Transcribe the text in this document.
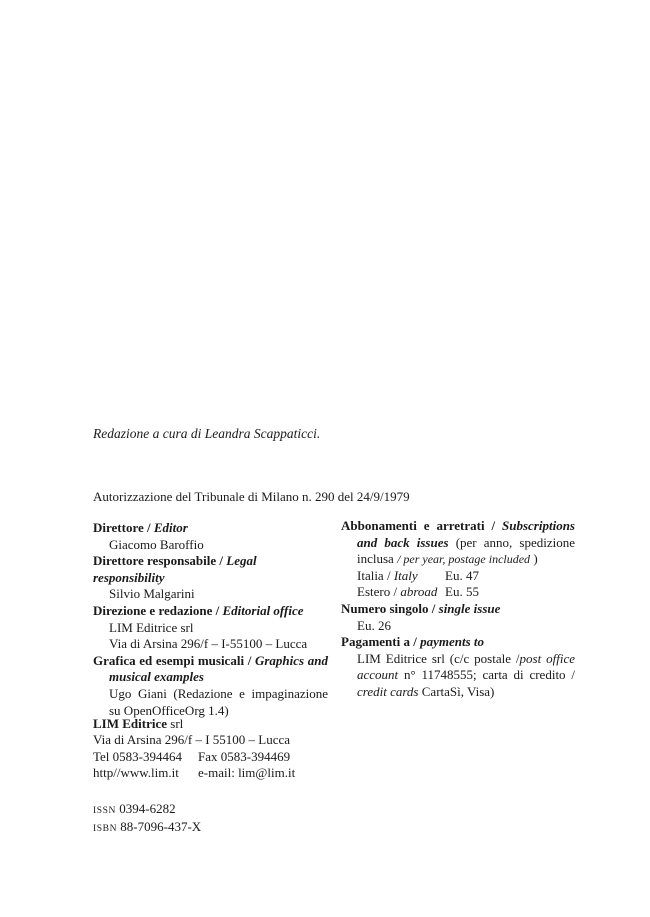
Redazione a cura di Leandra Scappaticci.
Autorizzazione del Tribunale di Milano n. 290 del 24/9/1979
Direttore / Editor
Giacomo Baroffio
Direttore responsabile / Legal responsibility
Silvio Malgarini
Direzione e redazione / Editorial office
LIM Editrice srl
Via di Arsina 296/f – I-55100 – Lucca
Grafica ed esempi musicali / Graphics and musical examples
Ugo Giani (Redazione e impaginazione su OpenOfficeOrg 1.4)
Abbonamenti e arretrati / Subscriptions and back issues (per anno, spedizione inclusa / per year, postage included )
Italia / Italy Eu. 47
Estero / abroad Eu. 55
Numero singolo / single issue
Eu. 26
Pagamenti a / payments to
LIM Editrice srl (c/c postale /post office account n° 11748555; carta di credito / credit cards CartaSì, Visa)
LIM Editrice srl
Via di Arsina 296/f – I 55100 – Lucca
Tel 0583-394464 Fax 0583-394469
http//www.lim.it e-mail: lim@lim.it
ISSN 0394-6282
ISBN 88-7096-437-X
